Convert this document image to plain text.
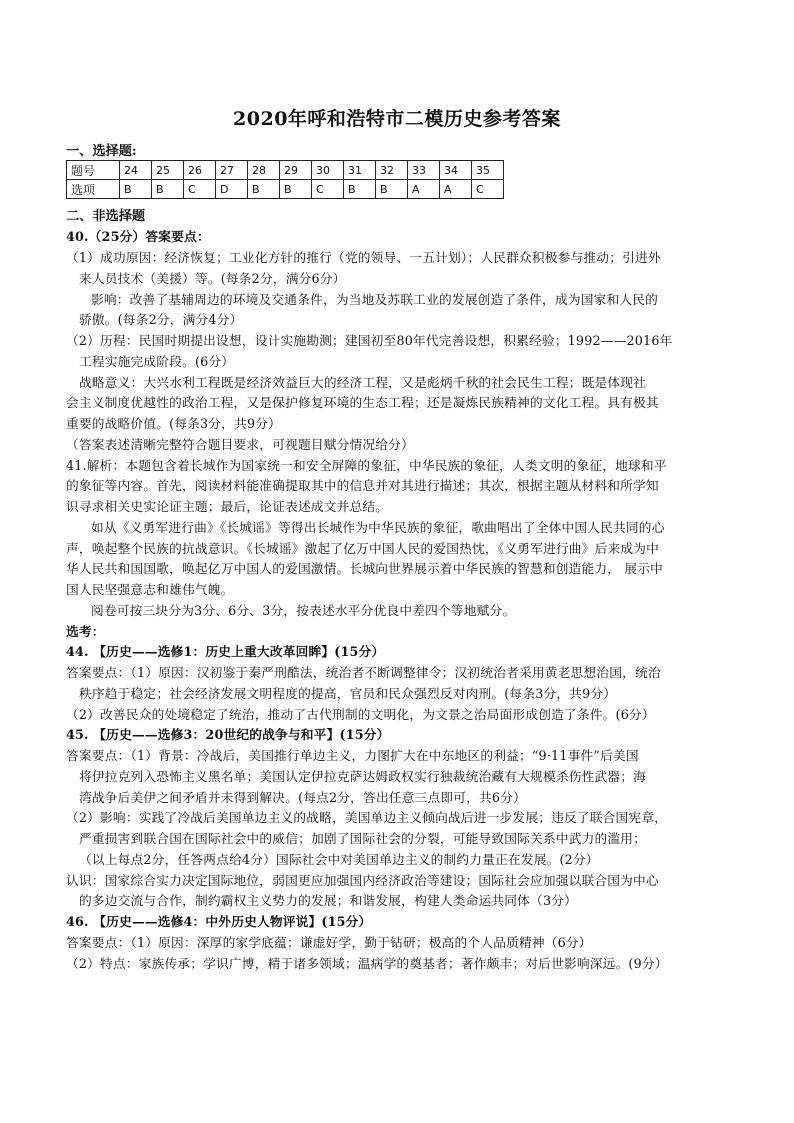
2020年呼和浩特市二模历史参考答案
一、选择题:
题号	24	25	26	27	28	29	30	31	32	33	34	35
选项	B	B	C	D	B	B	C	B	B	A	A	C
二、非选择题
40.（25分）答案要点：
（1）成功原因：经济恢复；工业化方针的推行（党的领导、一五计划）；人民群众积极参与推动；引进外
来人员技术（美援）等。(每条2分，满分6分）
影响：改善了基辅周边的环境及交通条件，为当地及苏联工业的发展创造了条件，成为国家和人民的
骄傲。(每条2分，满分4分）
（2）历程：民国时期提出设想，设计实施勘测；建国初至80年代完善设想，积累经验；1992——2016年
工程实施完成阶段。(6分）
战略意义：大兴水利工程既是经济效益巨大的经济工程，又是彪炳千秋的社会民生工程；既是体现社
会主义制度优越性的政治工程，又是保护修复环境的生态工程；还是凝炼民族精神的文化工程。具有极其
重要的战略价值。(每条3分，共9分）
（答案表述清晰完整符合题目要求，可视题目赋分情况给分）
41.解析：本题包含着长城作为国家统一和安全屏障的象征，中华民族的象征，人类文明的象征，地球和平
的象征等内容。首先，阅读材料能准确提取其中的信息并对其进行描述；其次，根据主题从材料和所学知
识寻求相关史实论证主题；最后，论证表述成文并总结。
如从《义勇军进行曲》《长城谣》等得出长城作为中华民族的象征，歌曲唱出了全体中国人民共同的心
声，唤起整个民族的抗战意识。《长城谣》激起了亿万中国人民的爱国热忱，《义勇军进行曲》后来成为中
华人民共和国国歌，唤起亿万中国人的爱国激情。长城向世界展示着中华民族的智慧和创造能力， 展示中
国人民坚强意志和雄伟气魄。
阅卷可按三块分为3分、6分、3分，按表述水平分优良中差四个等地赋分。
选考：
44. 【历史——选修1：历史上重大改革回眸】(15分）
答案要点：（1）原因：汉初鉴于秦严刑酷法，统治者不断调整律令；汉初统治者采用黄老思想治国，统治
秩序趋于稳定；社会经济发展文明程度的提高，官员和民众强烈反对肉刑。(每条3分，共9分）
（2）改善民众的处境稳定了统治，推动了古代刑制的文明化，为文景之治局面形成创造了条件。(6分）
45. 【历史——选修3：20世纪的战争与和平】(15分）
答案要点：（1）背景：冷战后，美国推行单边主义，力图扩大在中东地区的利益；“9·11事件”后美国
将伊拉克列入恐怖主义黑名单；美国认定伊拉克萨达姆政权实行独裁统治藏有大规模杀伤性武器；海
湾战争后美伊之间矛盾并未得到解决。(每点2分，答出任意三点即可，共6分）
（2）影响：实践了冷战后美国单边主义的战略，美国单边主义倾向战后进一步发展；违反了联合国宪章，
严重损害到联合国在国际社会中的威信；加剧了国际社会的分裂，可能导致国际关系中武力的滥用；
（以上每点2分，任答两点给4分）国际社会中对美国单边主义的制约力量正在发展。(2分）
认识：国家综合实力决定国际地位，弱国更应加强国内经济政治等建设；国际社会应加强以联合国为中心
的多边交流与合作，制约霸权主义势力的发展；和谐发展，构建人类命运共同体（3分）
46. 【历史——选修4：中外历史人物评说】(15分）
答案要点：（1）原因：深厚的家学底蕴；谦虚好学，勤于钻研；极高的个人品质精神（6分）
（2）特点：家族传承；学识广博，精于诸多领域；温病学的奠基者；著作颇丰；对后世影响深远。(9分）
